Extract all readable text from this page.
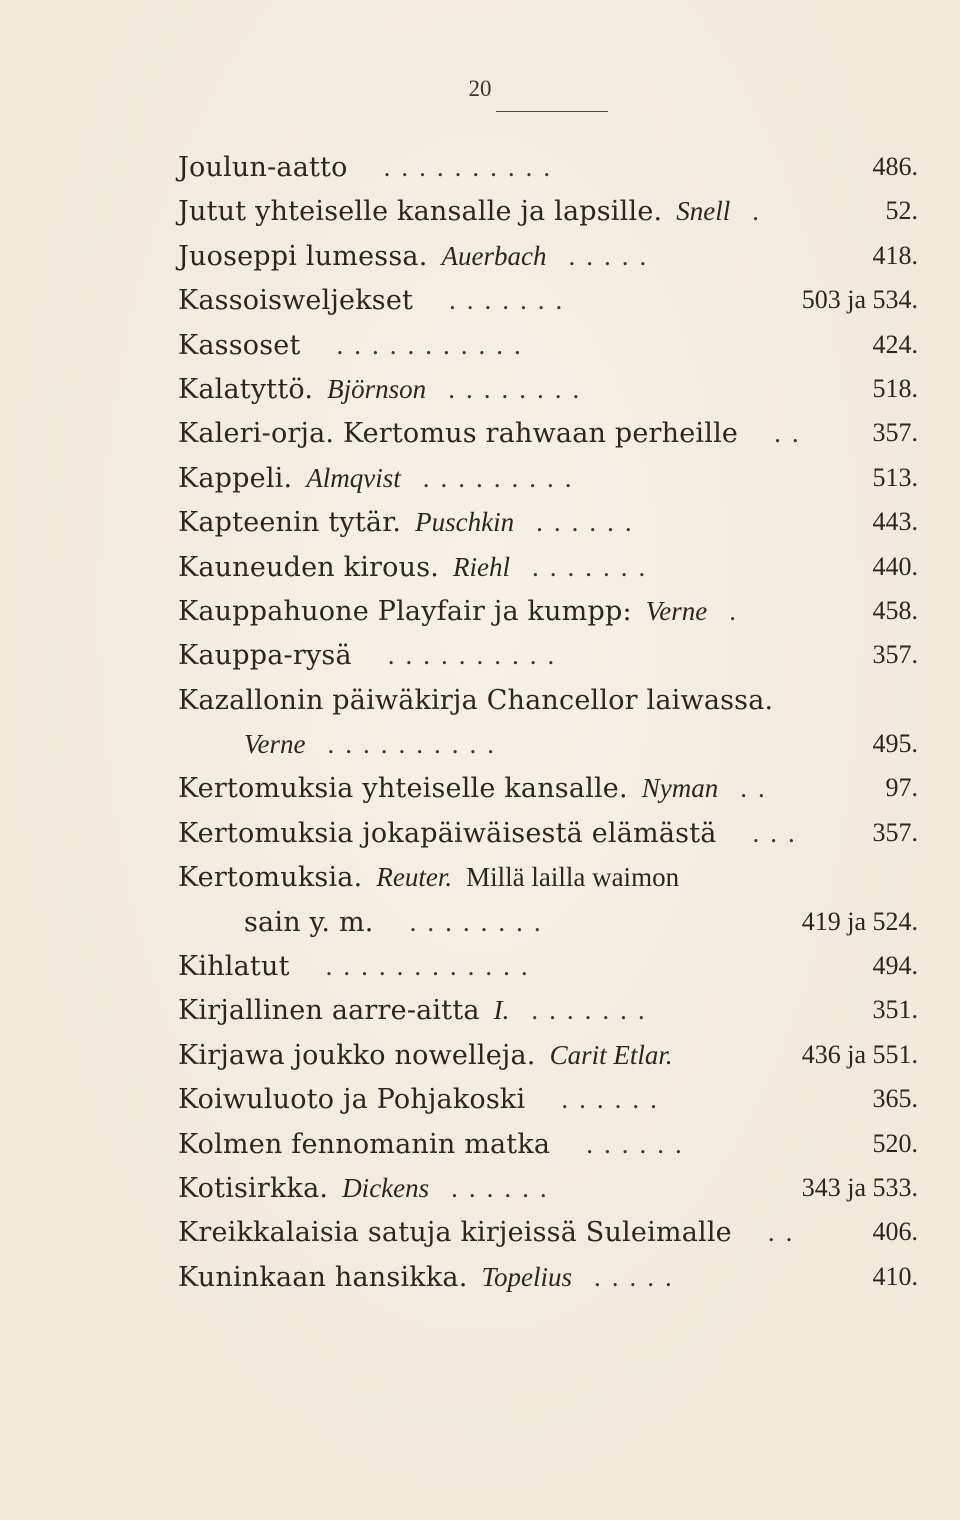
20
Joulun-aatto ..........	486.
Jutut yhteiselle kansalle ja lapsille. Snell .	52.
Juoseppi lumessa. Auerbach .....	418.
Kassoisweljekset .......	503 ja 534.
Kassoset ...........	424.
Kalatyttö. Björnson ........	518.
Kaleri-orja. Kertomus rahwaan perheille .. 357.
Kappeli. Almqvist .........	513.
Kapteenin tytär. Puschkin ......	443.
Kauneuden kirous. Riehl .......	440.
Kauppahuone Playfair ja kumpp: Verne .	458.
Kauppa-rysä ..........	357.
Kazallonin päiwäkirja Chancellor laiwassa.
Verne ..........	495.
Kertomuksia yhteiselle kansalle. Nyman ..	97.
Kertomuksia jokapäiwäisestä elämästä ...	357.
Kertomuksia. Reuter. Millä lailla waimon
sain y. m. ........	419 ja 524.
Kihlatut ............	494.
Kirjallinen aarre-aitta I. .......	351.
Kirjawa joukko nowelleja. Carit Etlar.	436 ja 551.
Koiwuluoto ja Pohjakoski ......	365.
Kolmen fennomanin matka ......	520.
Kotisirkka. Dickens ......	343 ja 533.
Kreikkalaisia satuja kirjeissä Suleimalle ..	406.
Kuninkaan hansikka. Topelius .....	410.
